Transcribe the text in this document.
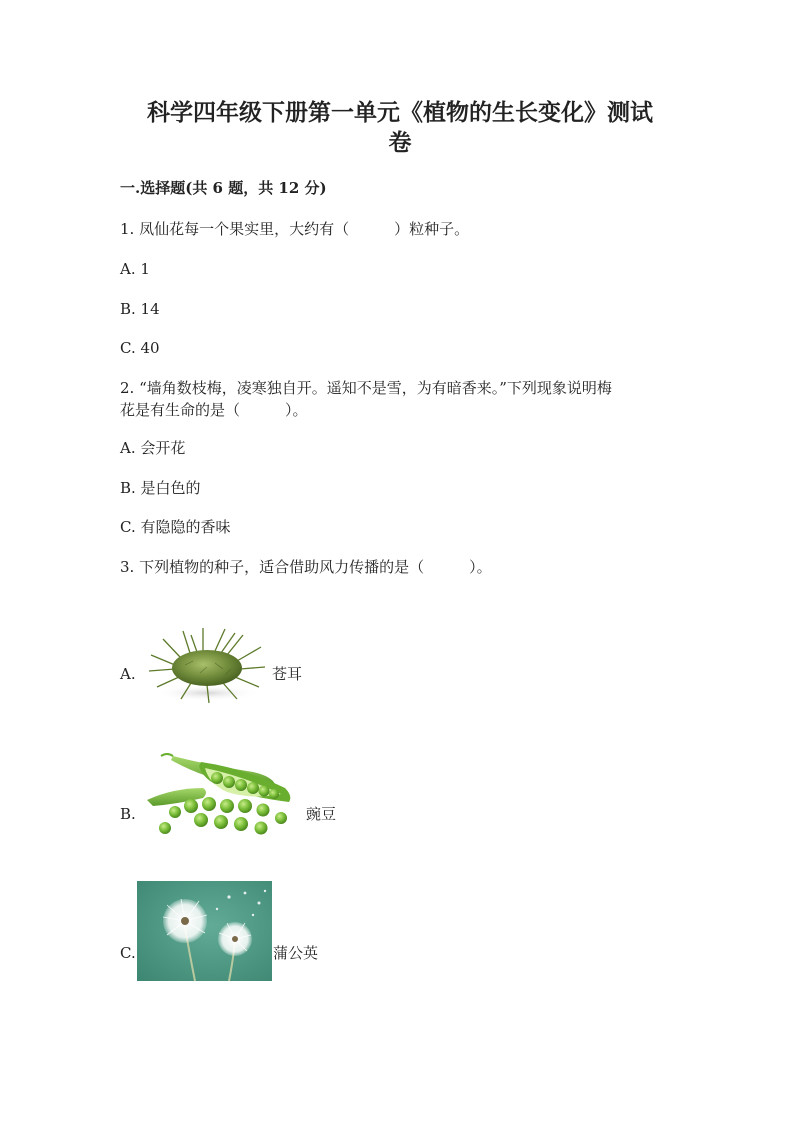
科学四年级下册第一单元《植物的生长变化》测试
卷
一.选择题(共 6 题，共 12 分)
1. 凤仙花每一个果实里，大约有（　　　）粒种子。
A. 1
B. 14
C. 40
2. “墙角数枝梅，凌寒独自开。遥知不是雪，为有暗香来。”下列现象说明梅
花是有生命的是（　　　）。
A. 会开花
B. 是白色的
C. 有隐隐的香味
3. 下列植物的种子，适合借助风力传播的是（　　　）。
A.	苍耳
B.	豌豆
C.	蒲公英
